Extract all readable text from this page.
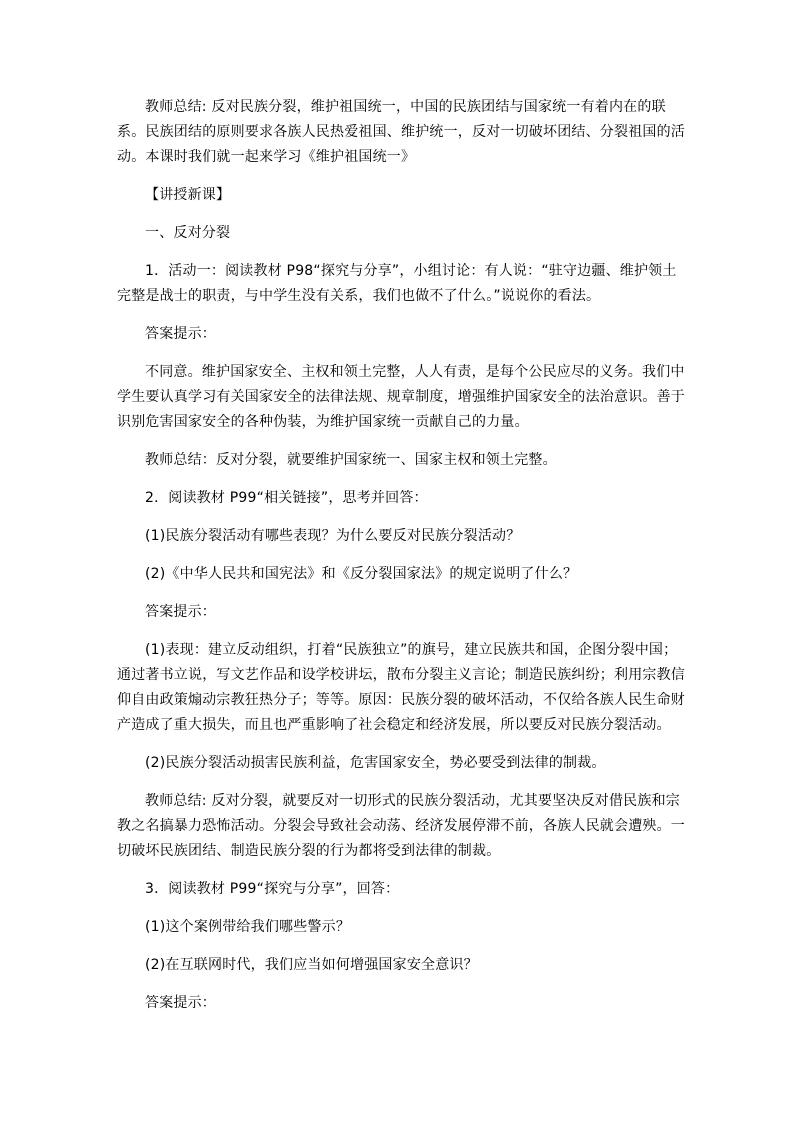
教师总结: 反对民族分裂，维护祖国统一，中国的民族团结与国家统一有着内在的联系。民族团结的原则要求各族人民热爱祖国、维护统一，反对一切破坏团结、分裂祖国的活动。本课时我们就一起来学习《维护祖国统一》

【讲授新课】

一、反对分裂

1．活动一：阅读教材 P98“探究与分享”，小组讨论：有人说：“驻守边疆、维护领土完整是战士的职责，与中学生没有关系，我们也做不了什么。”说说你的看法。

答案提示：

不同意。维护国家安全、主权和领土完整，人人有责，是每个公民应尽的义务。我们中学生要认真学习有关国家安全的法律法规、规章制度，增强维护国家安全的法治意识。善于识别危害国家安全的各种伪装，为维护国家统一贡献自己的力量。

教师总结：反对分裂，就要维护国家统一、国家主权和领土完整。

2．阅读教材 P99“相关链接”，思考并回答：

(1)民族分裂活动有哪些表现？为什么要反对民族分裂活动？

(2)《中华人民共和国宪法》和《反分裂国家法》的规定说明了什么？

答案提示：

(1)表现：建立反动组织，打着“民族独立”的旗号，建立民族共和国，企图分裂中国；通过著书立说，写文艺作品和设学校讲坛，散布分裂主义言论；制造民族纠纷；利用宗教信仰自由政策煽动宗教狂热分子；等等。原因：民族分裂的破坏活动，不仅给各族人民生命财产造成了重大损失，而且也严重影响了社会稳定和经济发展，所以要反对民族分裂活动。

(2)民族分裂活动损害民族利益，危害国家安全，势必要受到法律的制裁。

教师总结: 反对分裂，就要反对一切形式的民族分裂活动，尤其要坚决反对借民族和宗教之名搞暴力恐怖活动。分裂会导致社会动荡、经济发展停滞不前，各族人民就会遭殃。一切破坏民族团结、制造民族分裂的行为都将受到法律的制裁。

3．阅读教材 P99“探究与分享”，回答：

(1)这个案例带给我们哪些警示？

(2)在互联网时代，我们应当如何增强国家安全意识？

答案提示：
